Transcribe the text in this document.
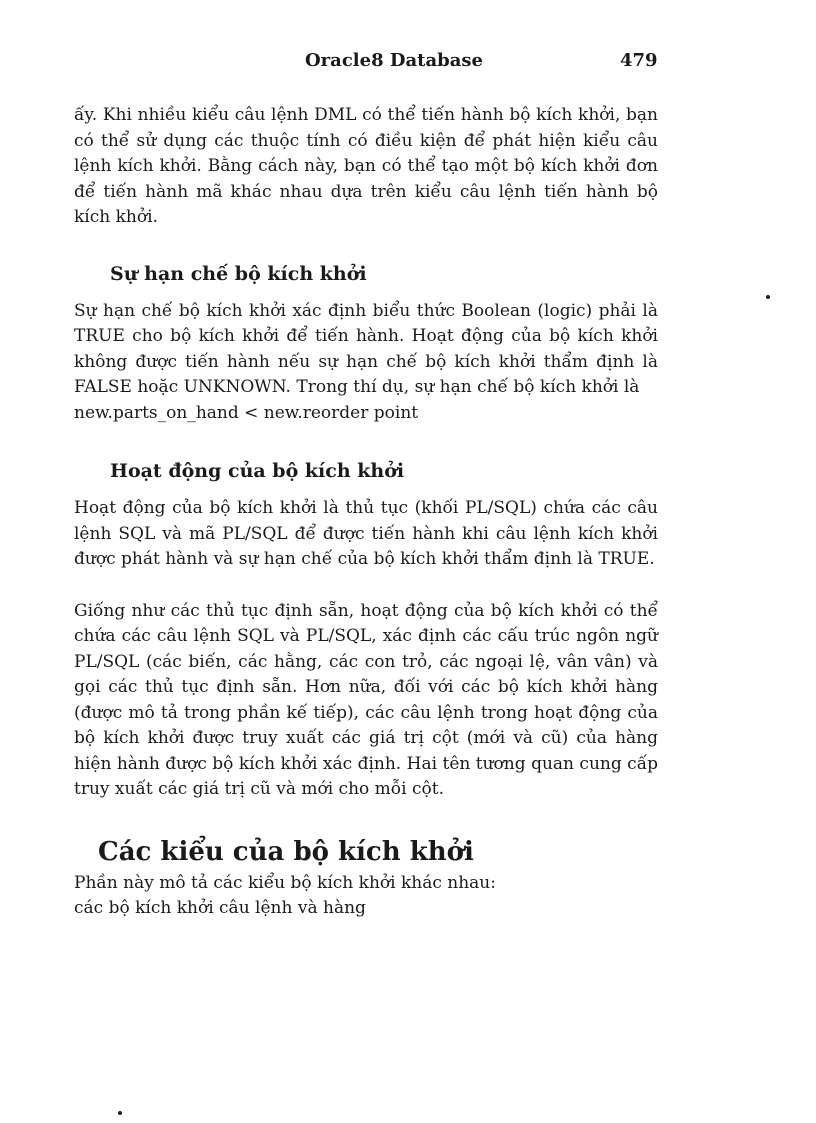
Oracle8 Database	479

ấy. Khi nhiều kiểu câu lệnh DML có thể tiến hành bộ kích khởi, bạn có thể sử dụng các thuộc tính có điều kiện để phát hiện kiểu câu lệnh kích khởi. Bằng cách này, bạn có thể tạo một bộ kích khởi đơn để tiến hành mã khác nhau dựa trên kiểu câu lệnh tiến hành bộ kích khởi.

Sự hạn chế bộ kích khởi

Sự hạn chế bộ kích khởi xác định biểu thức Boolean (logic) phải là TRUE cho bộ kích khởi để tiến hành. Hoạt động của bộ kích khởi không được tiến hành nếu sự hạn chế bộ kích khởi thẩm định là FALSE hoặc UNKNOWN. Trong thí dụ, sự hạn chế bộ kích khởi là

new.parts_on_hand < new.reorder point
Hoạt động của bộ kích khởi

Hoạt động của bộ kích khởi là thủ tục (khối PL/SQL) chứa các câu lệnh SQL và mã PL/SQL để được tiến hành khi câu lệnh kích khởi được phát hành và sự hạn chế của bộ kích khởi thẩm định là TRUE.

Giống như các thủ tục định sẵn, hoạt động của bộ kích khởi có thể chứa các câu lệnh SQL và PL/SQL, xác định các cấu trúc ngôn ngữ PL/SQL (các biến, các hằng, các con trỏ, các ngoại lệ, vân vân) và gọi các thủ tục định sẵn. Hơn nữa, đối với các bộ kích khởi hàng (được mô tả trong phần kế tiếp), các câu lệnh trong hoạt động của bộ kích khởi được truy xuất các giá trị cột (mới và cũ) của hàng hiện hành được bộ kích khởi xác định. Hai tên tương quan cung cấp truy xuất các giá trị cũ và mới cho mỗi cột.

Các kiểu của bộ kích khởi

Phần này mô tả các kiểu bộ kích khởi khác nhau:

các bộ kích khởi câu lệnh và hàng
